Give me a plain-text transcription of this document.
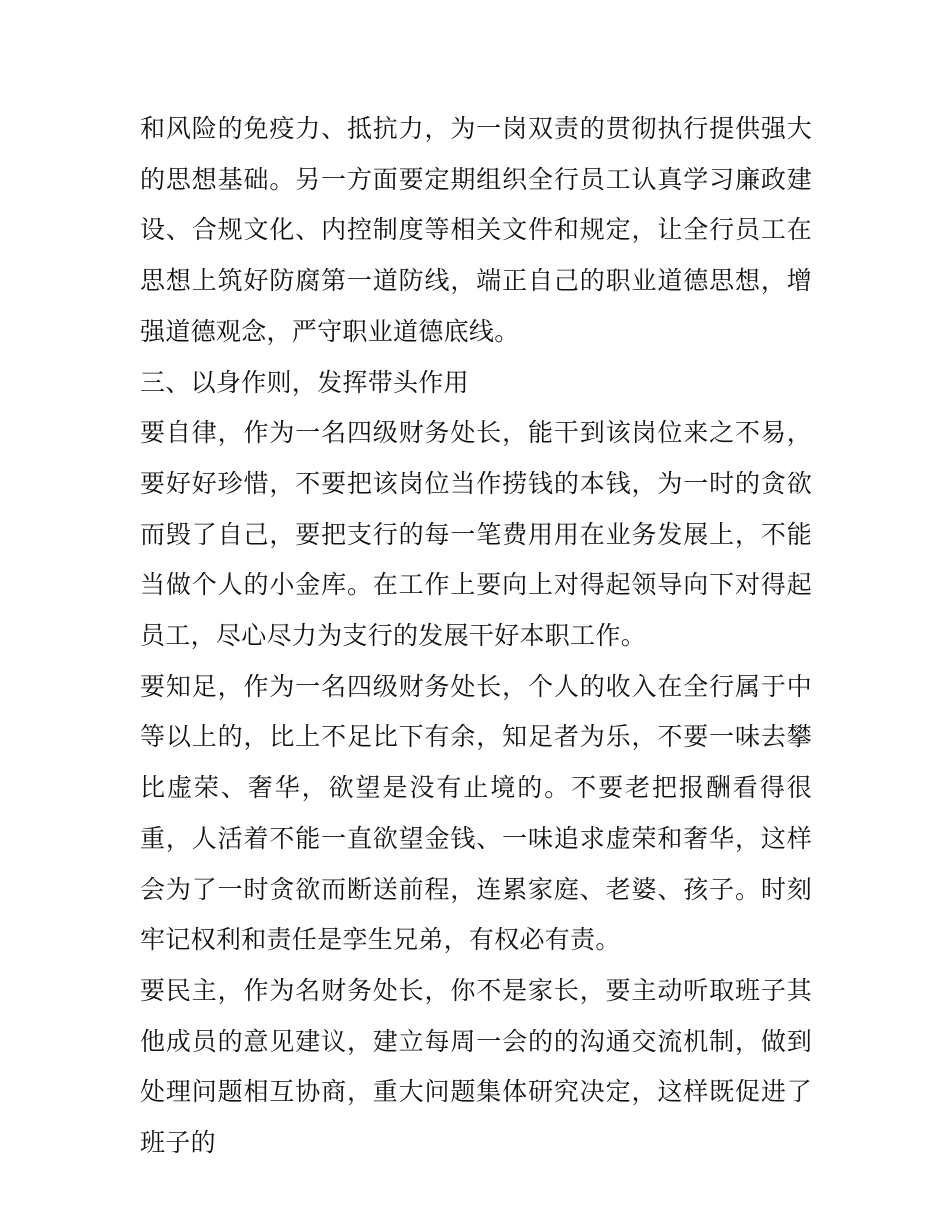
和风险的免疫力、抵抗力，为一岗双责的贯彻执行提供强大的思想基础。另一方面要定期组织全行员工认真学习廉政建设、合规文化、内控制度等相关文件和规定，让全行员工在思想上筑好防腐第一道防线，端正自己的职业道德思想，增强道德观念，严守职业道德底线。

三、以身作则，发挥带头作用

要自律，作为一名四级财务处长，能干到该岗位来之不易，要好好珍惜，不要把该岗位当作捞钱的本钱，为一时的贪欲而毁了自己，要把支行的每一笔费用用在业务发展上，不能当做个人的小金库。在工作上要向上对得起领导向下对得起员工，尽心尽力为支行的发展干好本职工作。

要知足，作为一名四级财务处长，个人的收入在全行属于中等以上的，比上不足比下有余，知足者为乐，不要一味去攀比虚荣、奢华，欲望是没有止境的。不要老把报酬看得很重，人活着不能一直欲望金钱、一味追求虚荣和奢华，这样会为了一时贪欲而断送前程，连累家庭、老婆、孩子。时刻牢记权利和责任是孪生兄弟，有权必有责。

要民主，作为名财务处长，你不是家长，要主动听取班子其他成员的意见建议，建立每周一会的的沟通交流机制，做到处理问题相互协商，重大问题集体研究决定，这样既促进了班子的
